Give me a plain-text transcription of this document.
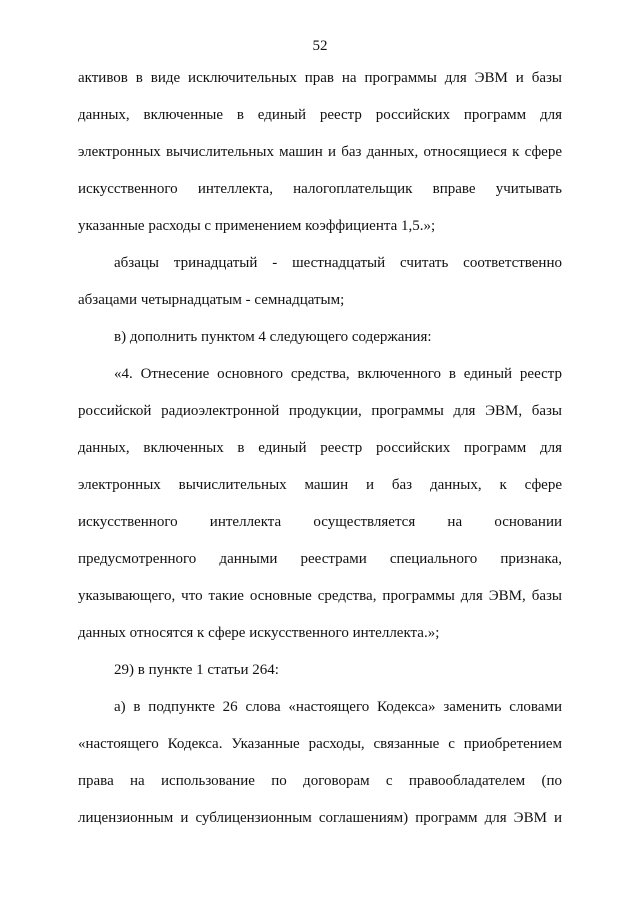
52
активов в виде исключительных прав на программы для ЭВМ и базы
данных, включенные в единый реестр российских программ для
электронных вычислительных машин и баз данных, относящиеся к сфере
искусственного интеллекта, налогоплательщик вправе учитывать
указанные расходы с применением коэффициента 1,5.»;
абзацы тринадцатый - шестнадцатый считать соответственно
абзацами четырнадцатым - семнадцатым;
в) дополнить пунктом 4 следующего содержания:
«4. Отнесение основного средства, включенного в единый реестр
российской радиоэлектронной продукции, программы для ЭВМ, базы
данных, включенных в единый реестр российских программ для
электронных вычислительных машин и баз данных, к сфере
искусственного интеллекта осуществляется на основании
предусмотренного данными реестрами специального признака,
указывающего, что такие основные средства, программы для ЭВМ, базы
данных относятся к сфере искусственного интеллекта.»;
29) в пункте 1 статьи 264:
а) в подпункте 26 слова «настоящего Кодекса» заменить словами
«настоящего Кодекса. Указанные расходы, связанные с приобретением
права на использование по договорам с правообладателем (по
лицензионным и сублицензионным соглашениям) программ для ЭВМ и
